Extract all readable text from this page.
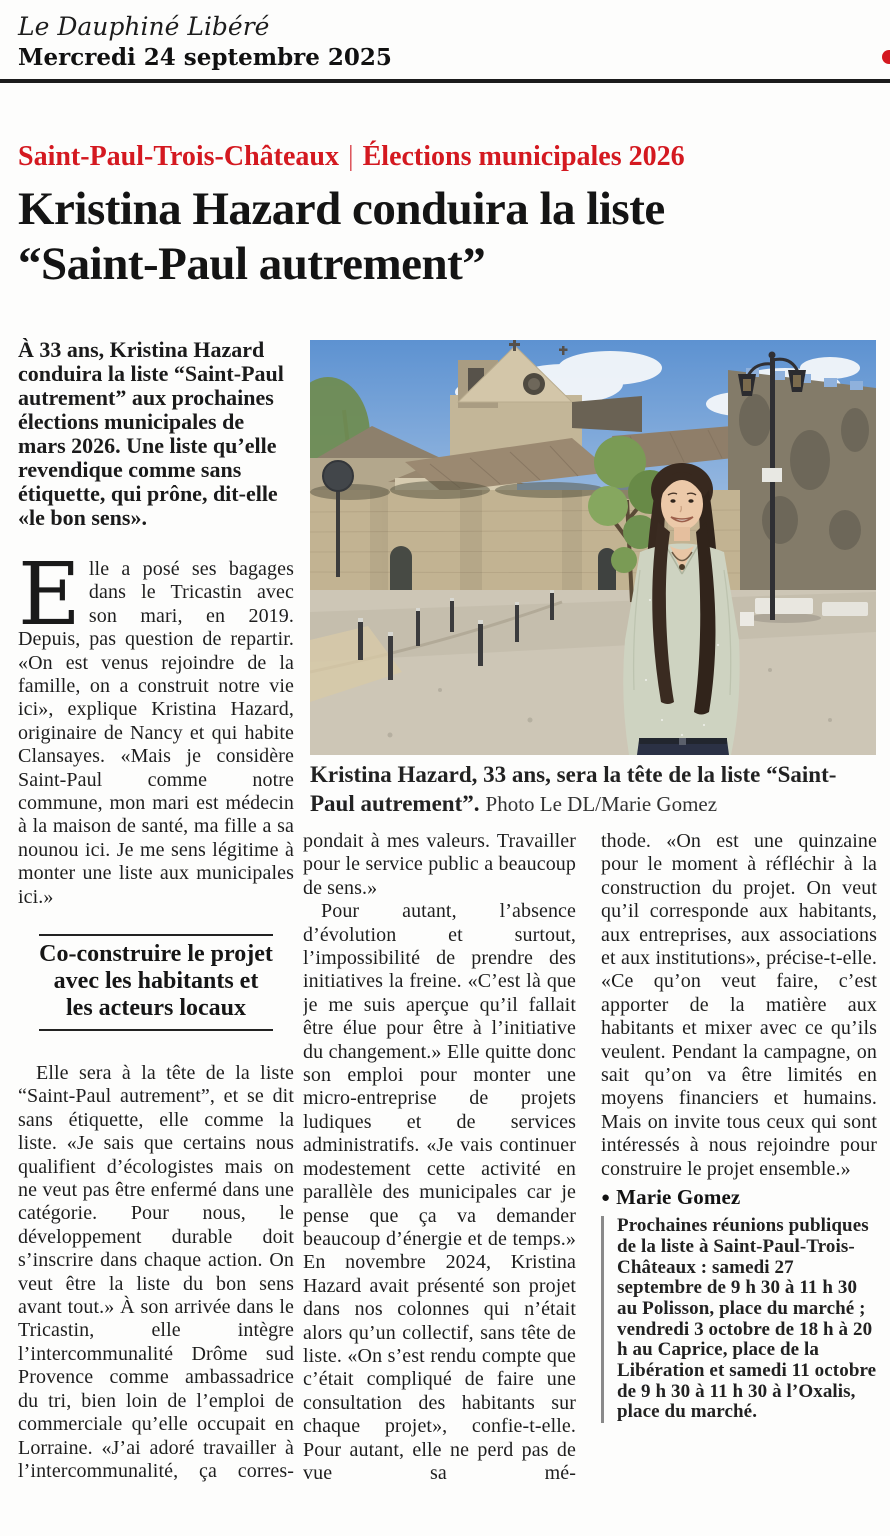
Le Dauphiné Libéré
Mercredi 24 septembre 2025
Saint-Paul-Trois-Châteaux | Élections municipales 2026
Kristina Hazard conduira la liste
“Saint-Paul autrement”
À 33 ans, Kristina Hazard conduira la liste “Saint-Paul autrement” aux prochaines élections municipales de mars 2026. Une liste qu’elle revendique comme sans étiquette, qui prône, dit-elle «le bon sens».
Elle a posé ses bagages dans le Tricastin avec son mari, en 2019. Depuis, pas question de repartir. «On est venus rejoindre de la famille, on a construit notre vie ici», explique Kristina Hazard, originaire de Nancy et qui habite Clansayes. «Mais je considère Saint-Paul comme notre commune, mon mari est médecin à la maison de santé, ma fille a sa nounou ici. Je me sens légitime à monter une liste aux municipales ici.»
Co-construire le projet avec les habitants et les acteurs locaux
Elle sera à la tête de la liste “Saint-Paul autrement”, et se dit sans étiquette, elle comme la liste. «Je sais que certains nous qualifient d’écologistes mais on ne veut pas être enfermé dans une catégorie. Pour nous, le développement durable doit s’inscrire dans chaque action. On veut être la liste du bon sens avant tout.» À son arrivée dans le Tricastin, elle intègre l’intercommunalité Drôme sud Provence comme ambassadrice du tri, bien loin de l’emploi de commerciale qu’elle occupait en Lorraine. «J’ai adoré travailler à l’intercommunalité, ça corres-
Kristina Hazard, 33 ans, sera la tête de la liste “Saint-Paul autrement”. Photo Le DL/Marie Gomez
pondait à mes valeurs. Travailler pour le service public a beaucoup de sens.»
Pour autant, l’absence d’évolution et surtout, l’impossibilité de prendre des initiatives la freine. «C’est là que je me suis aperçue qu’il fallait être élue pour être à l’initiative du changement.» Elle quitte donc son emploi pour monter une micro-entreprise de projets ludiques et de services administratifs. «Je vais continuer modestement cette activité en parallèle des municipales car je pense que ça va demander beaucoup d’énergie et de temps.» En novembre 2024, Kristina Hazard avait présenté son projet dans nos colonnes qui n’était alors qu’un collectif, sans tête de liste. «On s’est rendu compte que c’était compliqué de faire une consultation des habitants sur chaque projet», confie-t-elle. Pour autant, elle ne perd pas de vue sa mé-
thode. «On est une quinzaine pour le moment à réfléchir à la construction du projet. On veut qu’il corresponde aux habitants, aux entreprises, aux associations et aux institutions», précise-t-elle. «Ce qu’on veut faire, c’est apporter de la matière aux habitants et mixer avec ce qu’ils veulent. Pendant la campagne, on sait qu’on va être limités en moyens financiers et humains. Mais on invite tous ceux qui sont intéressés à nous rejoindre pour construire le projet ensemble.»
● Marie Gomez
Prochaines réunions publiques de la liste à Saint-Paul-Trois-Châteaux : samedi 27 septembre de 9 h 30 à 11 h 30 au Polisson, place du marché ; vendredi 3 octobre de 18 h à 20 h au Caprice, place de la Libération et samedi 11 octobre de 9 h 30 à 11 h 30 à l’Oxalis, place du marché.
